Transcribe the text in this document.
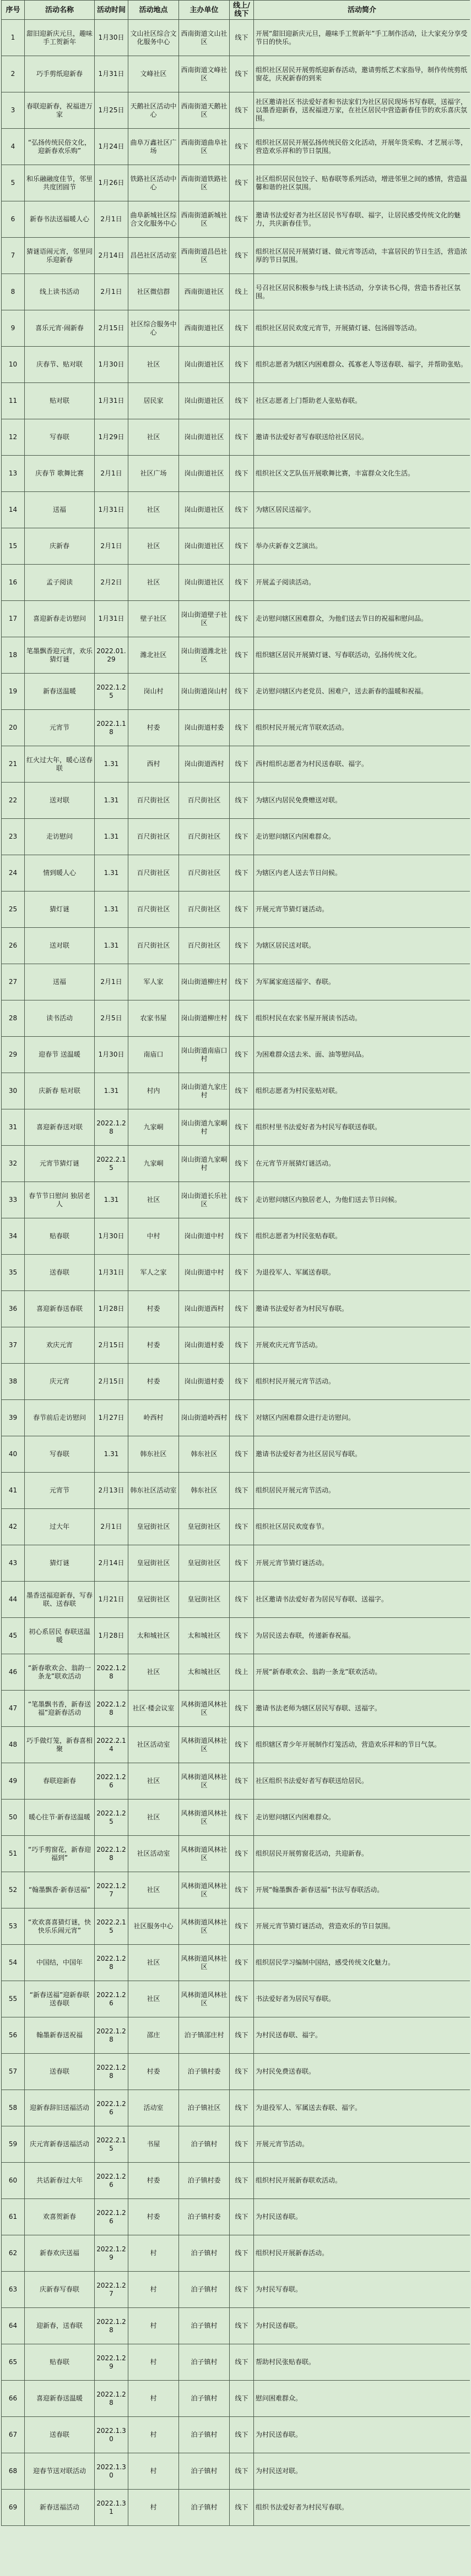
序号	活动名称	活动时间	活动地点	主办单位	线上/线下	活动简介
1	甜旧迎新庆元旦，趣味手工贺新年	1月30日	文山社区综合文化服务中心	西南街道文山社区	线下	开展“甜旧迎新庆元旦，趣味手工贺新年”手工制作活动，让大家充分享受节日的快乐。
2	巧手剪纸迎新春	1月31日	文峰社区	西南街道文峰社区	线下	组织社区居民开展剪纸迎新春活动，邀请剪纸艺术家指导，制作传统剪纸窗花，庆祝新春的到来
3	春联迎新春，祝福进万家	1月25日	天鹅社区活动中心	西南街道天鹅社区	线下	社区邀请社区书法爱好者和书法家们为社区居民现场书写春联，送福字，以墨香迎新春，送祝福进万家，在社区居民中营造新春佳节的欢乐喜庆氛围。
4	“弘扬传统民俗文化，迎新春欢乐购”	1月24日	曲阜万鑫社区广场	西南街道曲阜社区	线下	组织社区居民开展弘扬传统民俗文化活动，开展年货采购、才艺展示等，营造欢乐祥和的节日氛围。
5	和乐融融度佳节，邻里共度团圆节	1月26日	铁路社区活动中心	西南街道铁路社区	线下	社区组织居民包饺子、贴春联等系列活动，增进邻里之间的感情，营造温馨和谐的社区氛围。
6	新春书法送福暖人心	2月1日	曲阜新城社区综合文化服务中心	西南街道新城社区	线下	邀请书法爱好者为社区居民书写春联、福字，让居民感受传统文化的魅力，共庆新春佳节。
7	猜谜语闹元宵，邻里同乐迎新春	2月14日	昌邑社区活动室	西南街道昌邑社区	线下	组织社区居民开展猜灯谜、做元宵等活动，丰富居民的节日生活，营造浓厚的节日氛围。
8	线上读书活动	2月1日	社区微信群	西南街道社区	线上	号召社区居民积极参与线上读书活动，分享读书心得，营造书香社区氛围。
9	喜乐元宵·闹新春	2月15日	社区综合服务中心	西南街道社区	线下	组织社区居民欢度元宵节，开展猜灯谜、包汤圆等活动。
10	庆春节、贴对联	1月30日	社区	岗山街道社区	线下	组织志愿者为辖区内困难群众、孤寡老人等送春联、福字，并帮助张贴。
11	贴对联	1月31日	居民家	岗山街道社区	线下	社区志愿者上门帮助老人张贴春联。
12	写春联	1月29日	社区	岗山街道社区	线下	邀请书法爱好者写春联送给社区居民。
13	庆春节 歌舞比赛	2月1日	社区广场	岗山街道社区	线下	组织社区文艺队伍开展歌舞比赛，丰富群众文化生活。
14	送福	1月31日	社区	岗山街道社区	线下	为辖区居民送福字。
15	庆新春	2月1日	社区	岗山街道社区	线下	举办庆新春文艺演出。
16	孟子阅读	2月2日	社区	岗山街道社区	线下	开展孟子阅读活动。
17	喜迎新春走访慰问	1月31日	壁子社区	岗山街道壁子社区	线下	走访慰问辖区困难群众，为他们送去节日的祝福和慰问品。
18	笔墨飘香迎元宵，欢乐猜灯谜	2022.01.29	潍北社区	岗山街道潍北社区	线下	组织辖区居民开展猜灯谜、写春联活动，弘扬传统文化。
19	新春送温暖	2022.1.25	岗山村	岗山街道岗山村	线下	走访慰问辖区内老党员、困难户，送去新春的温暖和祝福。
20	元宵节	2022.1.18	村委	岗山街道村委	线下	组织村民开展元宵节联欢活动。
21	红火过大年，暖心送春联	1.31	西村	岗山街道西村	线下	西村组织志愿者为村民送春联、福字。
22	送对联	1.31	百尺街社区	百尺街社区	线下	为辖区内居民免费赠送对联。
23	走访慰问	1.31	百尺街社区	百尺街社区	线下	走访慰问辖区内困难群众。
24	情到暖人心	1.31	百尺街社区	百尺街社区	线下	为辖区内老人送去节日问候。
25	猜灯谜	1.31	百尺街社区	百尺街社区	线下	开展元宵节猜灯谜活动。
26	送对联	1.31	百尺街社区	百尺街社区	线下	为辖区居民送对联。
27	送福	2月1日	军人家	岗山街道柳庄村	线下	为军属家庭送福字、春联。
28	读书活动	2月5日	农家书屋	岗山街道柳庄村	线下	组织村民在农家书屋开展读书活动。
29	迎春节 送温暖	1月30日	南庙口	岗山街道南庙口村	线下	为困难群众送去米、面、油等慰问品。
30	庆新春 贴对联	1.31	村内	岗山街道九家庄村	线下	组织志愿者为村民张贴对联。
31	喜迎新春送对联	2022.1.28	九家峒	岗山街道九家峒村	线下	组织村里书法爱好者为村民写春联送春联。
32	元宵节猜灯谜	2022.2.15	九家峒	岗山街道九家峒村	线下	在元宵节开展猜灯谜活动。
33	春节节日慰问 独居老人	1.31	社区	岗山街道长乐社区	线下	走访慰问辖区内独居老人，为他们送去节日问候。
34	贴春联	1月30日	中村	岗山街道中村	线下	组织志愿者为村民张贴春联。
35	送春联	1月31日	军人之家	岗山街道中村	线下	为退役军人、军属送春联。
36	喜迎新春送春联	1月28日	村委	岗山街道西村	线下	邀请书法爱好者为村民写春联。
37	欢庆元宵	2月15日	村委	岗山街道村委	线下	开展欢庆元宵节活动。
38	庆元宵	2月15日	村委	岗山街道村委	线下	组织村民开展元宵节活动。
39	春节前后走访慰问	1月27日	岭西村	岗山街道岭西村	线下	对辖区内困难群众进行走访慰问。
40	写春联	1.31	韩东社区	韩东社区	线下	邀请书法爱好者为社区居民写春联。
41	元宵节	2月13日	韩东社区活动室	韩东社区	线下	组织居民开展元宵节活动。
42	过大年	2月1日	皇冠街社区	皇冠街社区	线下	组织社区居民欢度春节。
43	猜灯谜	2月14日	皇冠街社区	皇冠街社区	线下	开展元宵节猜灯谜活动。
44	墨香送福迎新春，写春联、送春联	1月21日	皇冠街社区	皇冠街社区	线下	社区邀请书法爱好者为居民写春联、送福字。
45	初心系居民 春联送温暖	1月28日	太和城社区	太和城社区	线下	为居民送去春联，传递新春祝福。
46	“新春歌欢会、翁韵一条龙”联欢活动	2022.1.28	社区	太和城社区	线上	开展“新春歌欢会、翁韵一条龙”联欢活动。
47	“笔墨飘书香，新春送福”迎新春活动	2022.1.28	社区·楼会议室	风林街道风林社区	线下	邀请书法老师为辖区居民写春联、送福字。
48	巧手做灯笼，新春喜相聚	2022.2.14	社区活动室	风林街道风林社区	线下	组织辖区青少年开展制作灯笼活动，营造欢乐祥和的节日气氛。
49	春联迎新春	2022.1.26	社区	风林街道风林社区	线下	社区组织书法爱好者写春联送给居民。
50	暖心往节·新春送温暖	2022.1.25	社区	风林街道风林社区	线下	走访慰问辖区内困难群众。
51	“巧手剪窗花，新春迎福到”	2022.1.28	社区活动室	风林街道风林社区	线下	组织居民开展剪窗花活动，共迎新春。
52	“翰墨飘香·新春送福”	2022.1.27	社区	风林街道风林社区	线下	开展“翰墨飘香·新春送福”书法写春联活动。
53	“欢欢喜喜猜灯谜，快快乐乐闹元宵”	2022.2.15	社区服务中心	风林街道风林社区	线下	开展元宵节猜灯谜活动，营造欢乐的节日氛围。
54	中国结，中国年	2022.1.28	社区	风林街道风林社区	线下	组织居民学习编制中国结，感受传统文化魅力。
55	“新春送福”迎新春联送春联	2022.1.26	社区	风林街道风林社区	线下	书法爱好者为居民写春联。
56	翰墨新春送祝福	2022.1.28	邵庄	泊子镇邵庄村	线下	为村民送春联、福字。
57	送春联	2022.1.28	村委	泊子镇村委	线下	为村民免费送春联。
58	迎新春辞旧送福活动	2022.1.26	活动室	泊子镇社区	线下	为退役军人、军属送去春联、福字。
59	庆元宵新春送福活动	2022.2.15	书屋	泊子镇村	线下	开展元宵节活动。
60	共话新春过大年	2022.1.26	村委	泊子镇村委	线下	组织村民开展新春联欢活动。
61	欢喜贺新春	2022.1.26	村委	泊子镇村委	线下	为村民送春联。
62	新春欢庆送福	2022.1.29	村	泊子镇村	线下	组织村民开展新春活动。
63	庆新春写春联	2022.1.27	村	泊子镇村	线下	为村民写春联。
64	迎新春，送春联	2022.1.28	村	泊子镇村	线下	为村民送春联。
65	贴春联	2022.1.29	村	泊子镇村	线下	帮助村民张贴春联。
66	喜迎新春送温暖	2022.1.28	村	泊子镇村	线下	慰问困难群众。
67	送春联	2022.1.30	村	泊子镇村	线下	为村民送春联。
68	迎春节送对联活动	2022.1.30	村	泊子镇村	线下	为村民送对联。
69	新春送福活动	2022.1.31	村	泊子镇村	线下	组织书法爱好者为村民写春联。
